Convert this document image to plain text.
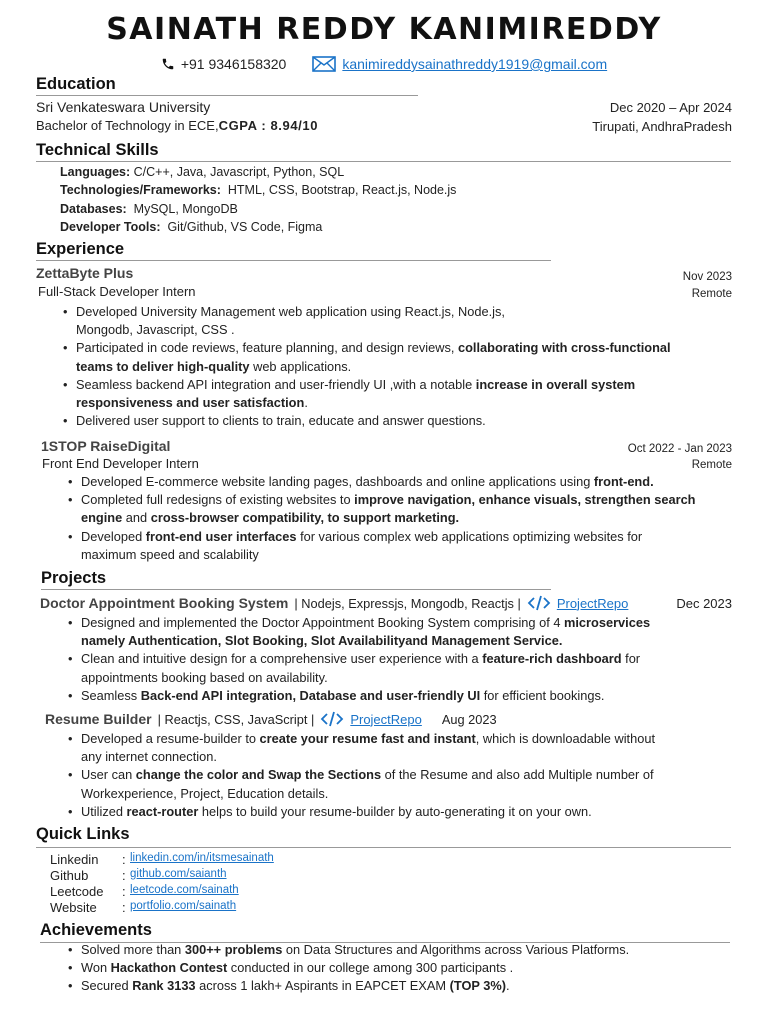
SAINATH REDDY KANIMIREDDY
+91 9346158320	kanimireddysainathreddy1919@gmail.com
Education
Sri Venkateswara University	Dec 2020 – Apr 2024
Bachelor of Technology in ECE,CGPA : 8.94/10	Tirupati, AndhraPradesh
Technical Skills
Languages: C/C++, Java, Javascript, Python, SQL
Technologies/Frameworks: HTML, CSS, Bootstrap, React.js, Node.js
Databases: MySQL, MongoDB
Developer Tools: Git/Github, VS Code, Figma
Experience
ZettaByte Plus
Full-Stack Developer Intern
Nov 2023
Remote
• Developed University Management web application using React.js, Node.js,
Mongodb, Javascript, CSS .
• Participated in code reviews, feature planning, and design reviews, collaborating with cross-functional
teams to deliver high-quality web applications.
• Seamless backend API integration and user-friendly UI ,with a notable increase in overall system
responsiveness and user satisfaction.
• Delivered user support to clients to train, educate and answer questions.
1STOP RaiseDigital
Front End Developer Intern
Oct 2022 - Jan 2023
Remote
• Developed E-commerce website landing pages, dashboards and online applications using front-end.
• Completed full redesigns of existing websites to improve navigation, enhance visuals, strengthen search
engine and cross-browser compatibility, to support marketing.
• Developed front-end user interfaces for various complex web applications optimizing websites for
maximum speed and scalability
Projects
Doctor Appointment Booking System | Nodejs, Expressjs, Mongodb, Reactjs |	ProjectRepo	Dec 2023
• Designed and implemented the Doctor Appointment Booking System comprising of 4 microservices
namely Authentication, Slot Booking, Slot Availabilityand Management Service.
• Clean and intuitive design for a comprehensive user experience with a feature-rich dashboard for
appointments booking based on availability.
• Seamless Back-end API integration, Database and user-friendly UI for efficient bookings.
Resume Builder | Reactjs, CSS, JavaScript |	ProjectRepo Aug 2023
• Developed a resume-builder to create your resume fast and instant, which is downloadable without
any internet connection.
• User can change the color and Swap the Sections of the Resume and also add Multiple number of
Workexperience, Project, Education details.
• Utilized react-router helps to build your resume-builder by auto-generating it on your own.
Quick Links
Linkedin	: linkedin.com/in/itsmesainath
Github	: github.com/saianth
Leetcode	: leetcode.com/sainath
Website	: portfolio.com/sainath
Achievements
• Solved more than 300++ problems on Data Structures and Algorithms across Various Platforms.
• Won Hackathon Contest conducted in our college among 300 participants .
• Secured Rank 3133 across 1 lakh+ Aspirants in EAPCET EXAM (TOP 3%).
